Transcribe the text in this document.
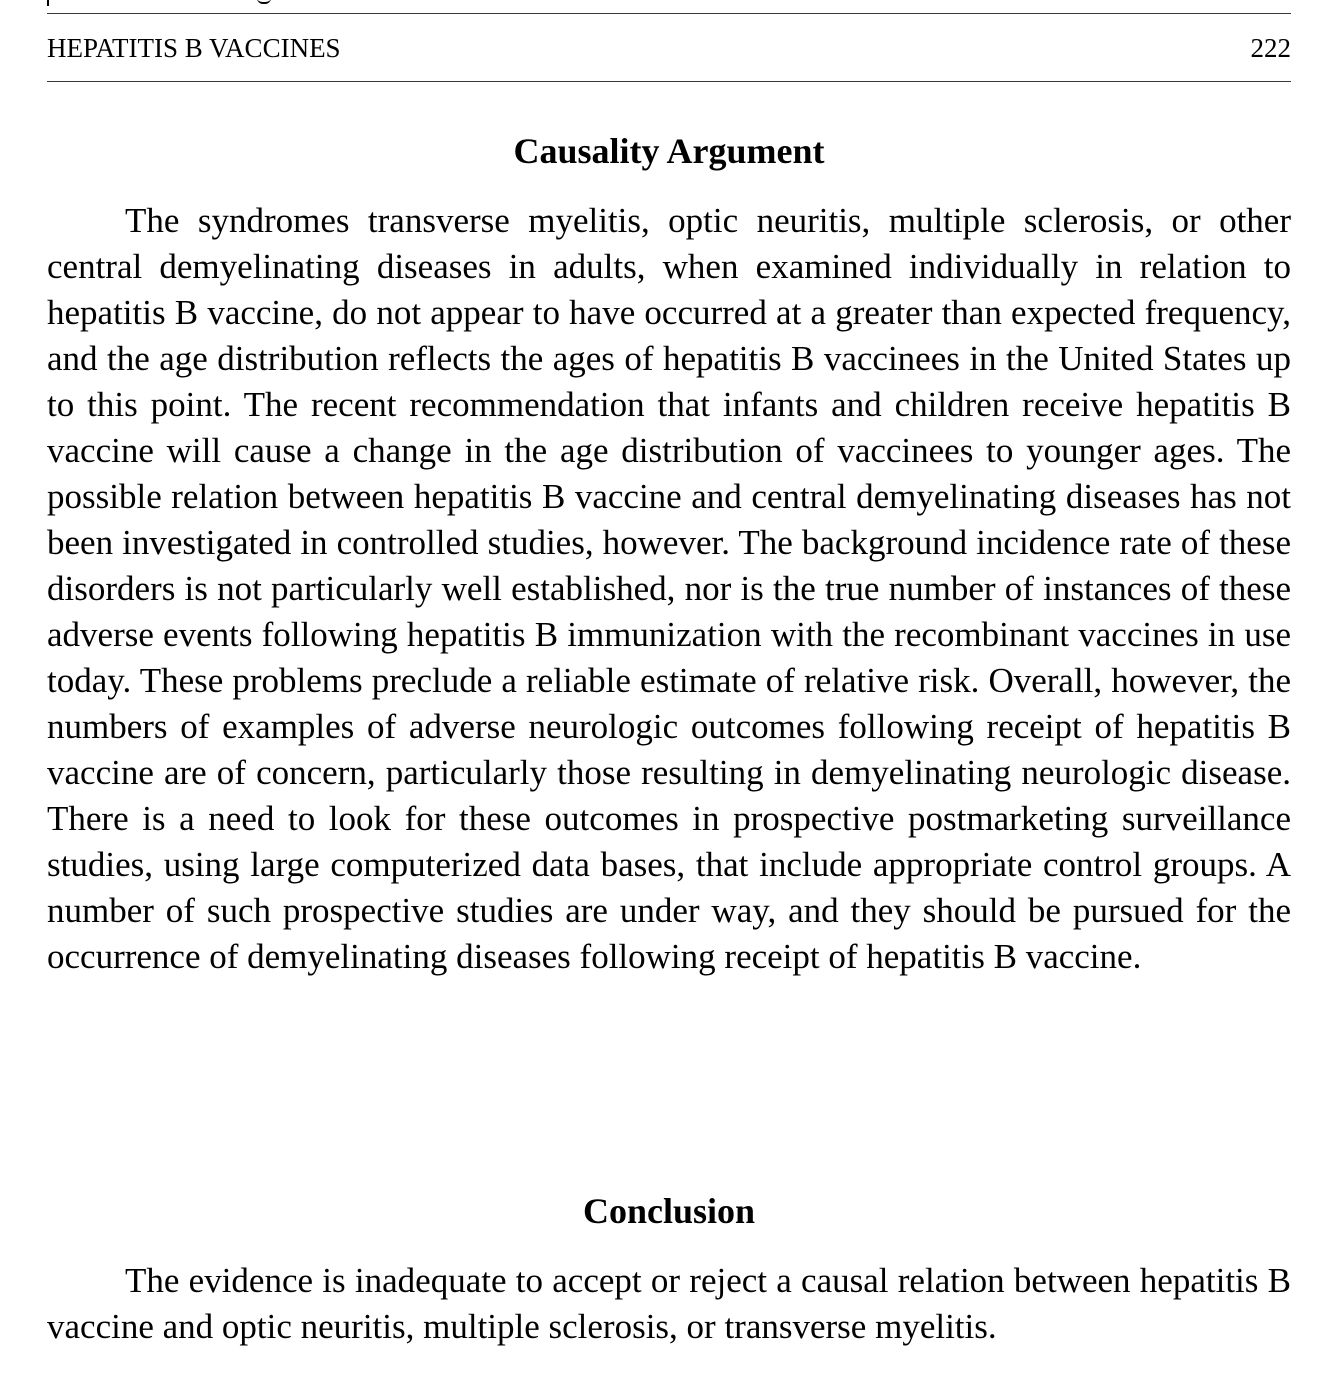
HEPATITIS B VACCINES	222
Causality Argument

The syndromes transverse myelitis, optic neuritis, multiple sclerosis, or other central demyelinating diseases in adults, when examined individually in relation to hepatitis B vaccine, do not appear to have occurred at a greater than expected frequency, and the age distribution reflects the ages of hepatitis B vaccinees in the United States up to this point. The recent recommendation that infants and children receive hepatitis B vaccine will cause a change in the age distribution of vaccinees to younger ages. The possible relation between hepatitis B vaccine and central demyelinating diseases has not been investigated in controlled studies, however. The background incidence rate of these disorders is not particularly well established, nor is the true number of instances of these adverse events following hepatitis B immunization with the recombinant vaccines in use today. These problems preclude a reliable estimate of relative risk. Overall, however, the numbers of examples of adverse neurologic outcomes following receipt of hepatitis B vaccine are of concern, particularly those resulting in demyelinating neurologic disease. There is a need to look for these outcomes in prospective postmarketing surveillance studies, using large computerized data bases, that include appropriate control groups. A number of such prospective studies are under way, and they should be pursued for the occurrence of demyelinating diseases following receipt of hepatitis B vaccine.

Conclusion

The evidence is inadequate to accept or reject a causal relation between hepatitis B vaccine and optic neuritis, multiple sclerosis, or transverse myelitis.
